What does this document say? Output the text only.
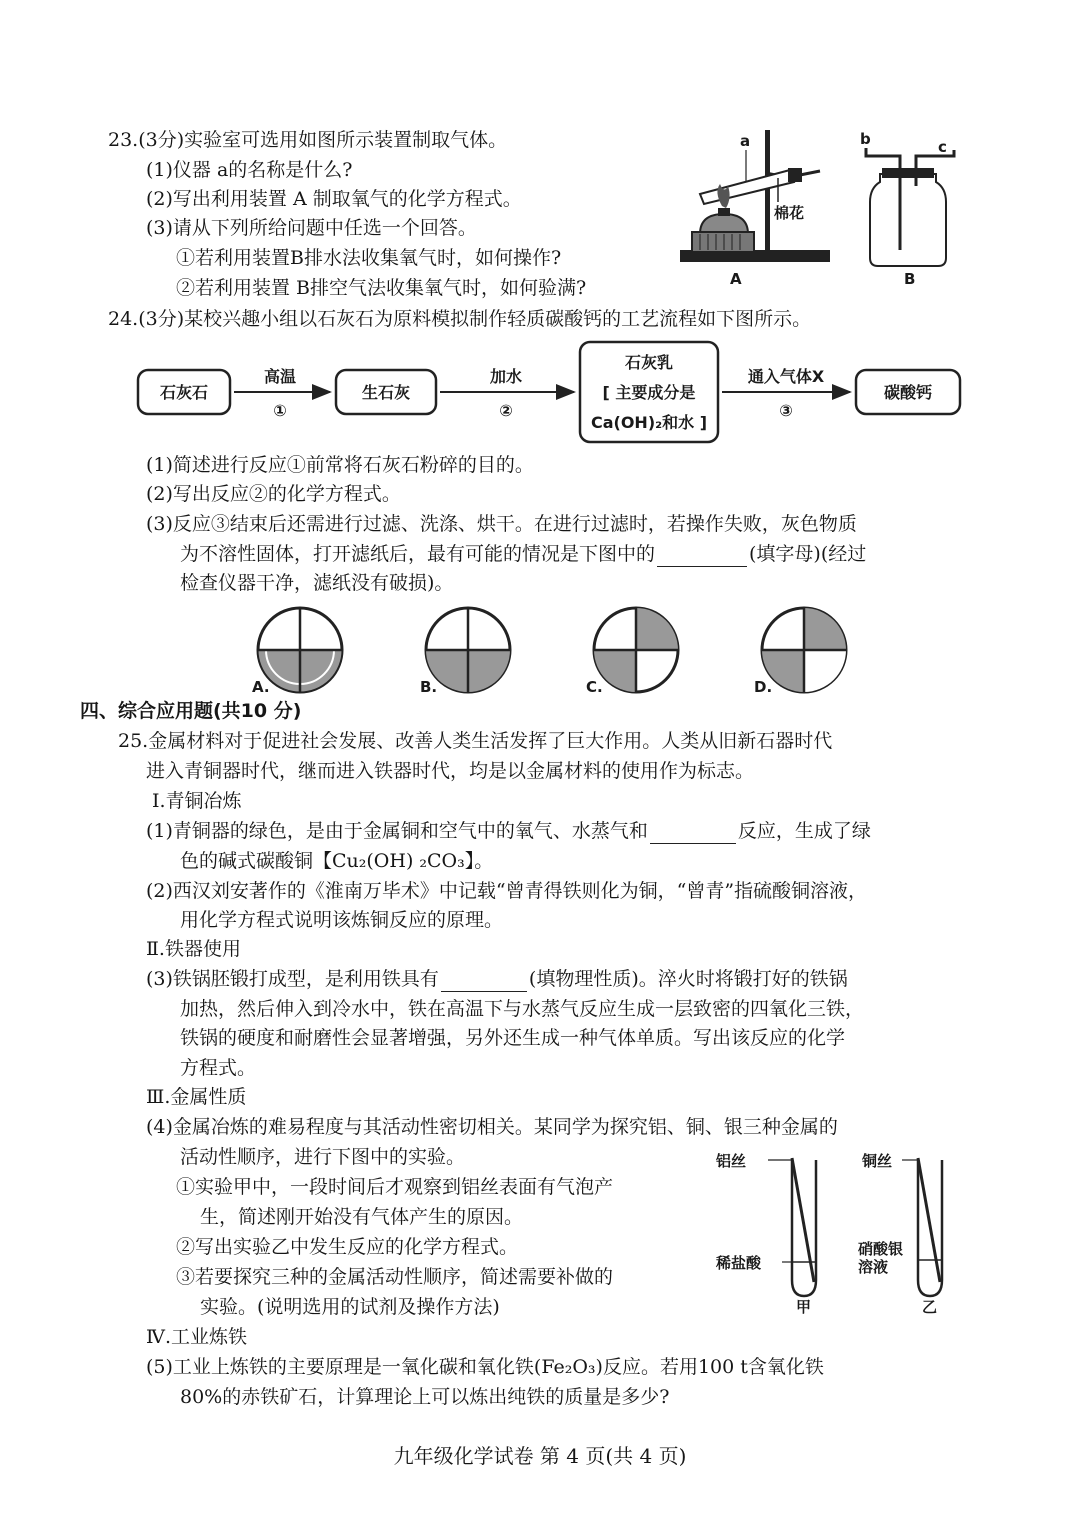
23.(3分)实验室可选用如图所示装置制取气体。
(1)仪器 a的名称是什么?
(2)写出利用装置 A 制取氧气的化学方程式。
(3)请从下列所给问题中任选一个回答。
①若利用装置B排水法收集氧气时，如何操作?
②若利用装置 B排空气法收集氧气时，如何验满?
a
棉花
A
b	c
B
24.(3分)某校兴趣小组以石灰石为原料模拟制作轻质碳酸钙的工艺流程如下图所示。
石灰石
高温
①
生石灰
加水
②
石灰乳
[ 主要成分是
Ca(OH)₂和水 ]
通入气体X
③
碳酸钙
(1)简述进行反应①前常将石灰石粉碎的目的。
(2)写出反应②的化学方程式。
(3)反应③结束后还需进行过滤、洗涤、烘干。在进行过滤时，若操作失败，灰色物质
为不溶性固体，打开滤纸后，最有可能的情况是下图中的	(填字母)(经过
检查仪器干净，滤纸没有破损)。
A.	B.	C.	D.
四、综合应用题(共10 分)
25.金属材料对于促进社会发展、改善人类生活发挥了巨大作用。人类从旧新石器时代
进入青铜器时代，继而进入铁器时代，均是以金属材料的使用作为标志。
Ⅰ.青铜冶炼
(1)青铜器的绿色，是由于金属铜和空气中的氧气、水蒸气和	反应，生成了绿
色的碱式碳酸铜【Cu₂(OH) ₂CO₃】。
(2)西汉刘安著作的《淮南万毕术》中记载“曾青得铁则化为铜，“曾青”指硫酸铜溶液，
用化学方程式说明该炼铜反应的原理。
Ⅱ.铁器使用
(3)铁锅胚锻打成型，是利用铁具有	(填物理性质)。淬火时将锻打好的铁锅
加热，然后伸入到冷水中，铁在高温下与水蒸气反应生成一层致密的四氧化三铁，
铁锅的硬度和耐磨性会显著增强，另外还生成一种气体单质。写出该反应的化学
方程式。
Ⅲ.金属性质
(4)金属冶炼的难易程度与其活动性密切相关。某同学为探究铝、铜、银三种金属的
活动性顺序，进行下图中的实验。
①实验甲中，一段时间后才观察到铝丝表面有气泡产
生，简述刚开始没有气体产生的原因。
②写出实验乙中发生反应的化学方程式。
③若要探究三种的金属活动性顺序，简述需要补做的
实验。(说明选用的试剂及操作方法)
铝丝
稀盐酸
甲
铜丝
硝酸银
溶液
乙
Ⅳ.工业炼铁
(5)工业上炼铁的主要原理是一氧化碳和氧化铁(Fe₂O₃)反应。若用100 t含氧化铁
80%的赤铁矿石，计算理论上可以炼出纯铁的质量是多少?
九年级化学试卷 第 4 页(共 4 页)
